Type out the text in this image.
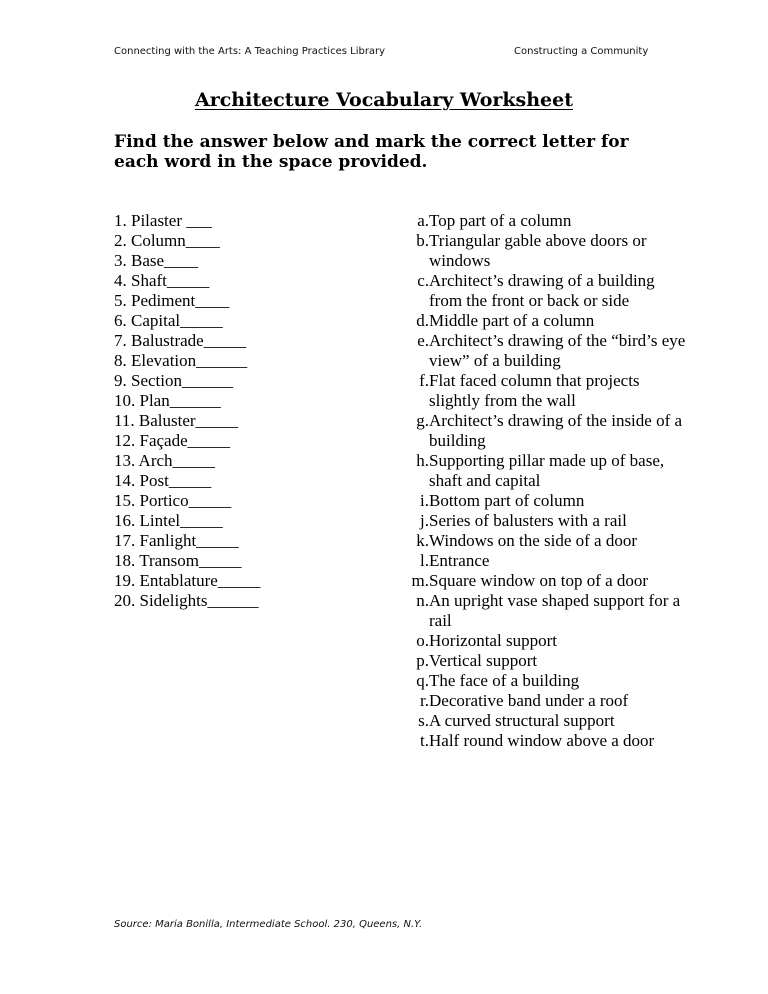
Connecting with the Arts: A Teaching Practices Library	Constructing a Community
Architecture Vocabulary Worksheet
Find the answer below and mark the correct letter for each word in the space provided.
1. Pilaster ___
2. Column____
3. Base____
4. Shaft_____
5. Pediment____
6. Capital_____
7. Balustrade_____
8. Elevation______
9. Section______
10. Plan______
11. Baluster_____
12. Façade_____
13. Arch_____
14. Post_____
15. Portico_____
16. Lintel_____
17. Fanlight_____
18. Transom_____
19. Entablature_____
20. Sidelights______
a. Top part of a column
b. Triangular gable above doors or windows
c. Architect’s drawing of a building from the front or back or side
d. Middle part of a column
e. Architect’s drawing of the “bird’s eye view” of a building
f. Flat faced column that projects slightly from the wall
g. Architect’s drawing of the inside of a building
h. Supporting pillar made up of base, shaft and capital
i. Bottom part of column
j. Series of balusters with a rail
k. Windows on the side of a door
l. Entrance
m. Square window on top of a door
n. An upright vase shaped support for a rail
o. Horizontal support
p. Vertical support
q. The face of a building
r. Decorative band under a roof
s. A curved structural support
t. Half round window above a door
Source: Maria Bonilla, Intermediate School. 230, Queens, N.Y.
